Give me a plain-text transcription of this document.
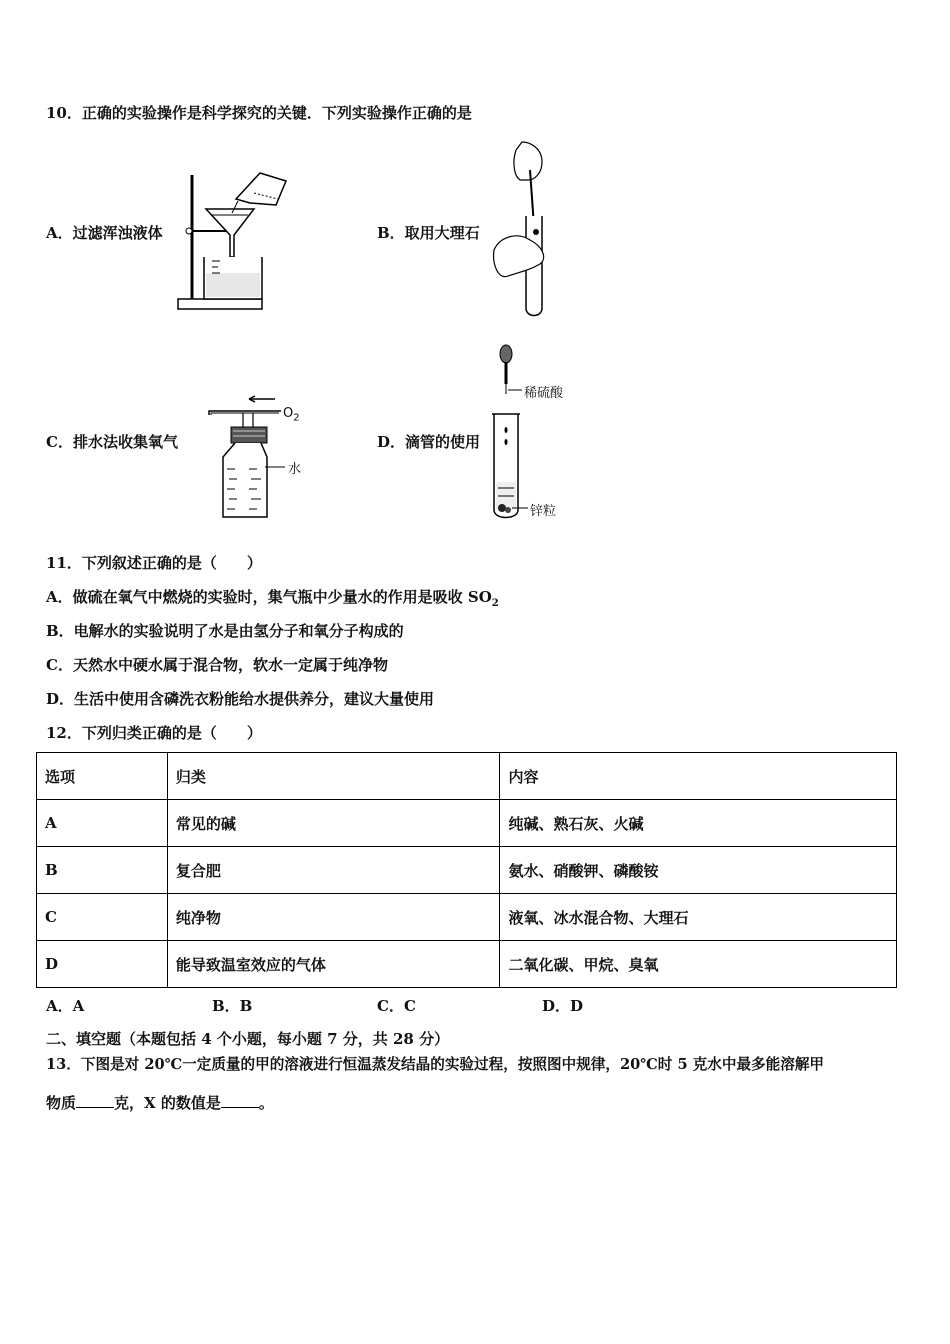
10．正确的实验操作是科学探究的关键．下列实验操作正确的是
A．过滤浑浊液体	B．取用大理石
C．排水法收集氧气	D．滴管的使用
$O_2$
水
稀硫酸
锌粒
11．下列叙述正确的是（　　）
A．做硫在氧气中燃烧的实验时，集气瓶中少量水的作用是吸收 $SO_2$
B．电解水的实验说明了水是由氢分子和氧分子构成的
C．天然水中硬水属于混合物，软水一定属于纯净物
D．生活中使用含磷洗衣粉能给水提供养分，建议大量使用
12．下列归类正确的是（　　）
选项	归类	内容
A	常见的碱	纯碱、熟石灰、火碱
B	复合肥	氨水、硝酸钾、磷酸铵
C	纯净物	液氧、冰水混合物、大理石
D	能导致温室效应的气体	二氧化碳、甲烷、臭氧
A．A	B．B	C．C	D．D
二、填空题（本题包括 4 个小题，每小题 7 分，共 28 分）
13．下图是对 20℃一定质量的甲的溶液进行恒温蒸发结晶的实验过程，按照图中规律，20℃时 5 克水中最多能溶解甲
物质	克，X 的数值是	。
